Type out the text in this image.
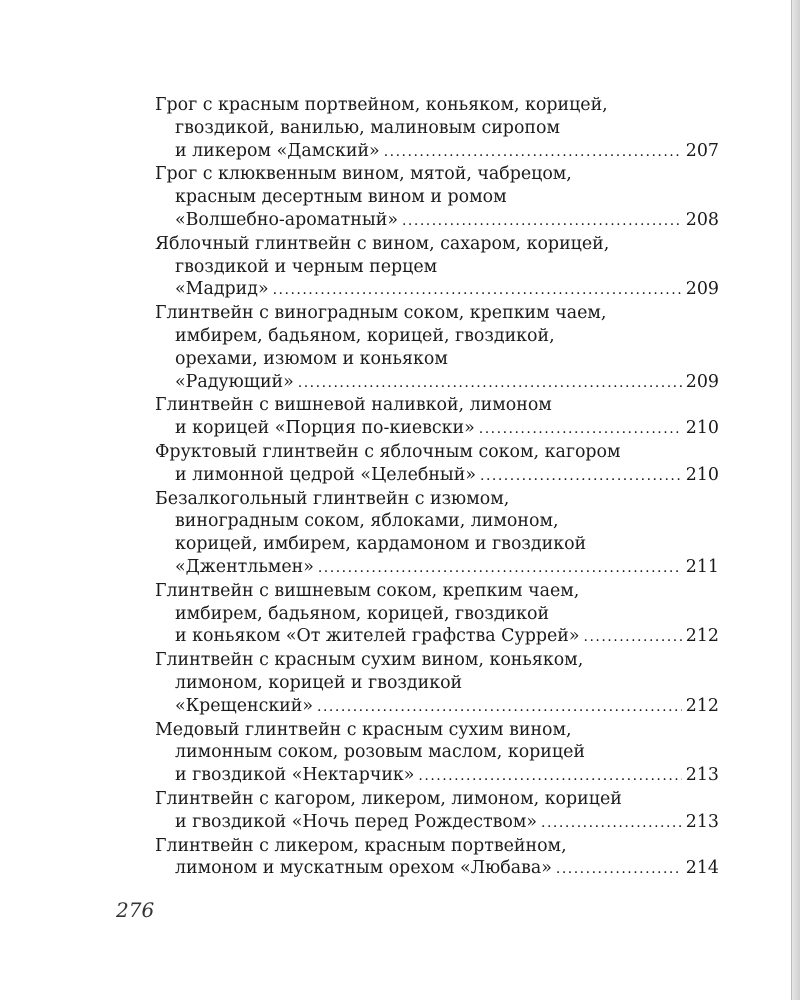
Грог с красным портвейном, коньяком, корицей,
гвоздикой, ванилью, малиновым сиропом
и ликером «Дамский» .....	207
Грог с клюквенным вином, мятой, чабрецом,
красным десертным вином и ромом
«Волшебно-ароматный» .....	208
Яблочный глинтвейн с вином, сахаром, корицей,
гвоздикой и черным перцем
«Мадрид» .....	209
Глинтвейн с виноградным соком, крепким чаем,
имбирем, бадьяном, корицей, гвоздикой,
орехами, изюмом и коньяком
«Радующий» .....	209
Глинтвейн с вишневой наливкой, лимоном
и корицей «Порция по-киевски» .....	210
Фруктовый глинтвейн с яблочным соком, кагором
и лимонной цедрой «Целебный» .....	210
Безалкогольный глинтвейн с изюмом,
виноградным соком, яблоками, лимоном,
корицей, имбирем, кардамоном и гвоздикой
«Джентльмен» .....	211
Глинтвейн с вишневым соком, крепким чаем,
имбирем, бадьяном, корицей, гвоздикой
и коньяком «От жителей графства Суррей» .....	212
Глинтвейн с красным сухим вином, коньяком,
лимоном, корицей и гвоздикой
«Крещенский» .....	212
Медовый глинтвейн с красным сухим вином,
лимонным соком, розовым маслом, корицей
и гвоздикой «Нектарчик» .....	213
Глинтвейн с кагором, ликером, лимоном, корицей
и гвоздикой «Ночь перед Рождеством» .....	213
Глинтвейн с ликером, красным портвейном,
лимоном и мускатным орехом «Любава» .....	214
276
